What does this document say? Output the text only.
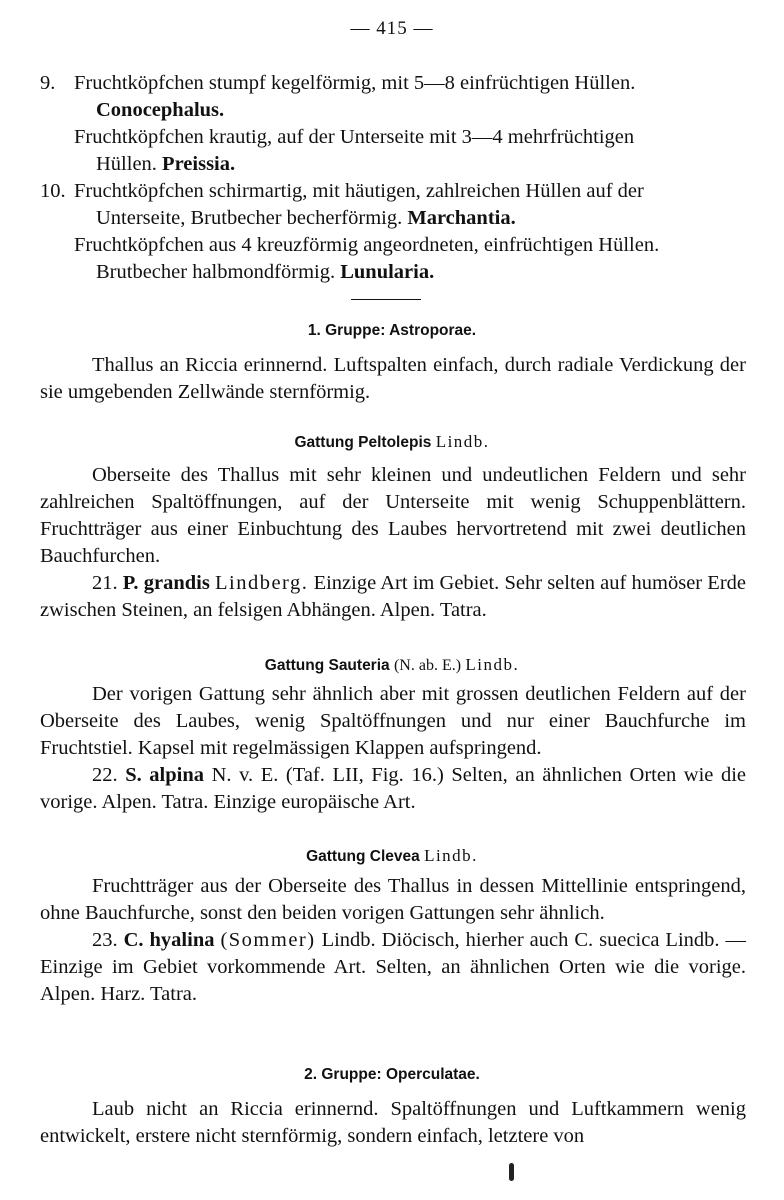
— 415 —
9. Fruchtköpfchen stumpf kegelförmig, mit 5—8 einfrüchtigen Hüllen.
Conocephalus.
Fruchtköpfchen krautig, auf der Unterseite mit 3—4 mehrfrüchtigen
Hüllen. Preissia.
10. Fruchtköpfchen schirmartig, mit häutigen, zahlreichen Hüllen auf der
Unterseite, Brutbecher becherförmig. Marchantia.
Fruchtköpfchen aus 4 kreuzförmig angeordneten, einfrüchtigen Hüllen.
Brutbecher halbmondförmig. Lunularia.
1. Gruppe: Astroporae.
Thallus an Riccia erinnernd. Luftspalten einfach, durch radiale Verdickung der sie umgebenden Zellwände sternförmig.
Gattung Peltolepis Lindb.
Oberseite des Thallus mit sehr kleinen und undeutlichen Feldern und sehr zahlreichen Spaltöffnungen, auf der Unterseite mit wenig Schuppenblättern. Fruchtträger aus einer Einbuchtung des Laubes hervortretend mit zwei deutlichen Bauchfurchen.
21. P. grandis Lindberg. Einzige Art im Gebiet. Sehr selten auf humöser Erde zwischen Steinen, an felsigen Abhängen. Alpen. Tatra.
Gattung Sauteria (N. ab. E.) Lindb.
Der vorigen Gattung sehr ähnlich aber mit grossen deutlichen Feldern auf der Oberseite des Laubes, wenig Spaltöffnungen und nur einer Bauchfurche im Fruchtstiel. Kapsel mit regelmässigen Klappen aufspringend.
22. S. alpina N. v. E. (Taf. LII, Fig. 16.) Selten, an ähnlichen Orten wie die vorige. Alpen. Tatra. Einzige europäische Art.
Gattung Clevea Lindb.
Fruchtträger aus der Oberseite des Thallus in dessen Mittellinie entspringend, ohne Bauchfurche, sonst den beiden vorigen Gattungen sehr ähnlich.
23. C. hyalina (Sommer) Lindb. Diöcisch, hierher auch C. suecica Lindb. — Einzige im Gebiet vorkommende Art. Selten, an ähnlichen Orten wie die vorige. Alpen. Harz. Tatra.
2. Gruppe: Operculatae.
Laub nicht an Riccia erinnernd. Spaltöffnungen und Luftkammern wenig entwickelt, erstere nicht sternförmig, sondern einfach, letztere von
